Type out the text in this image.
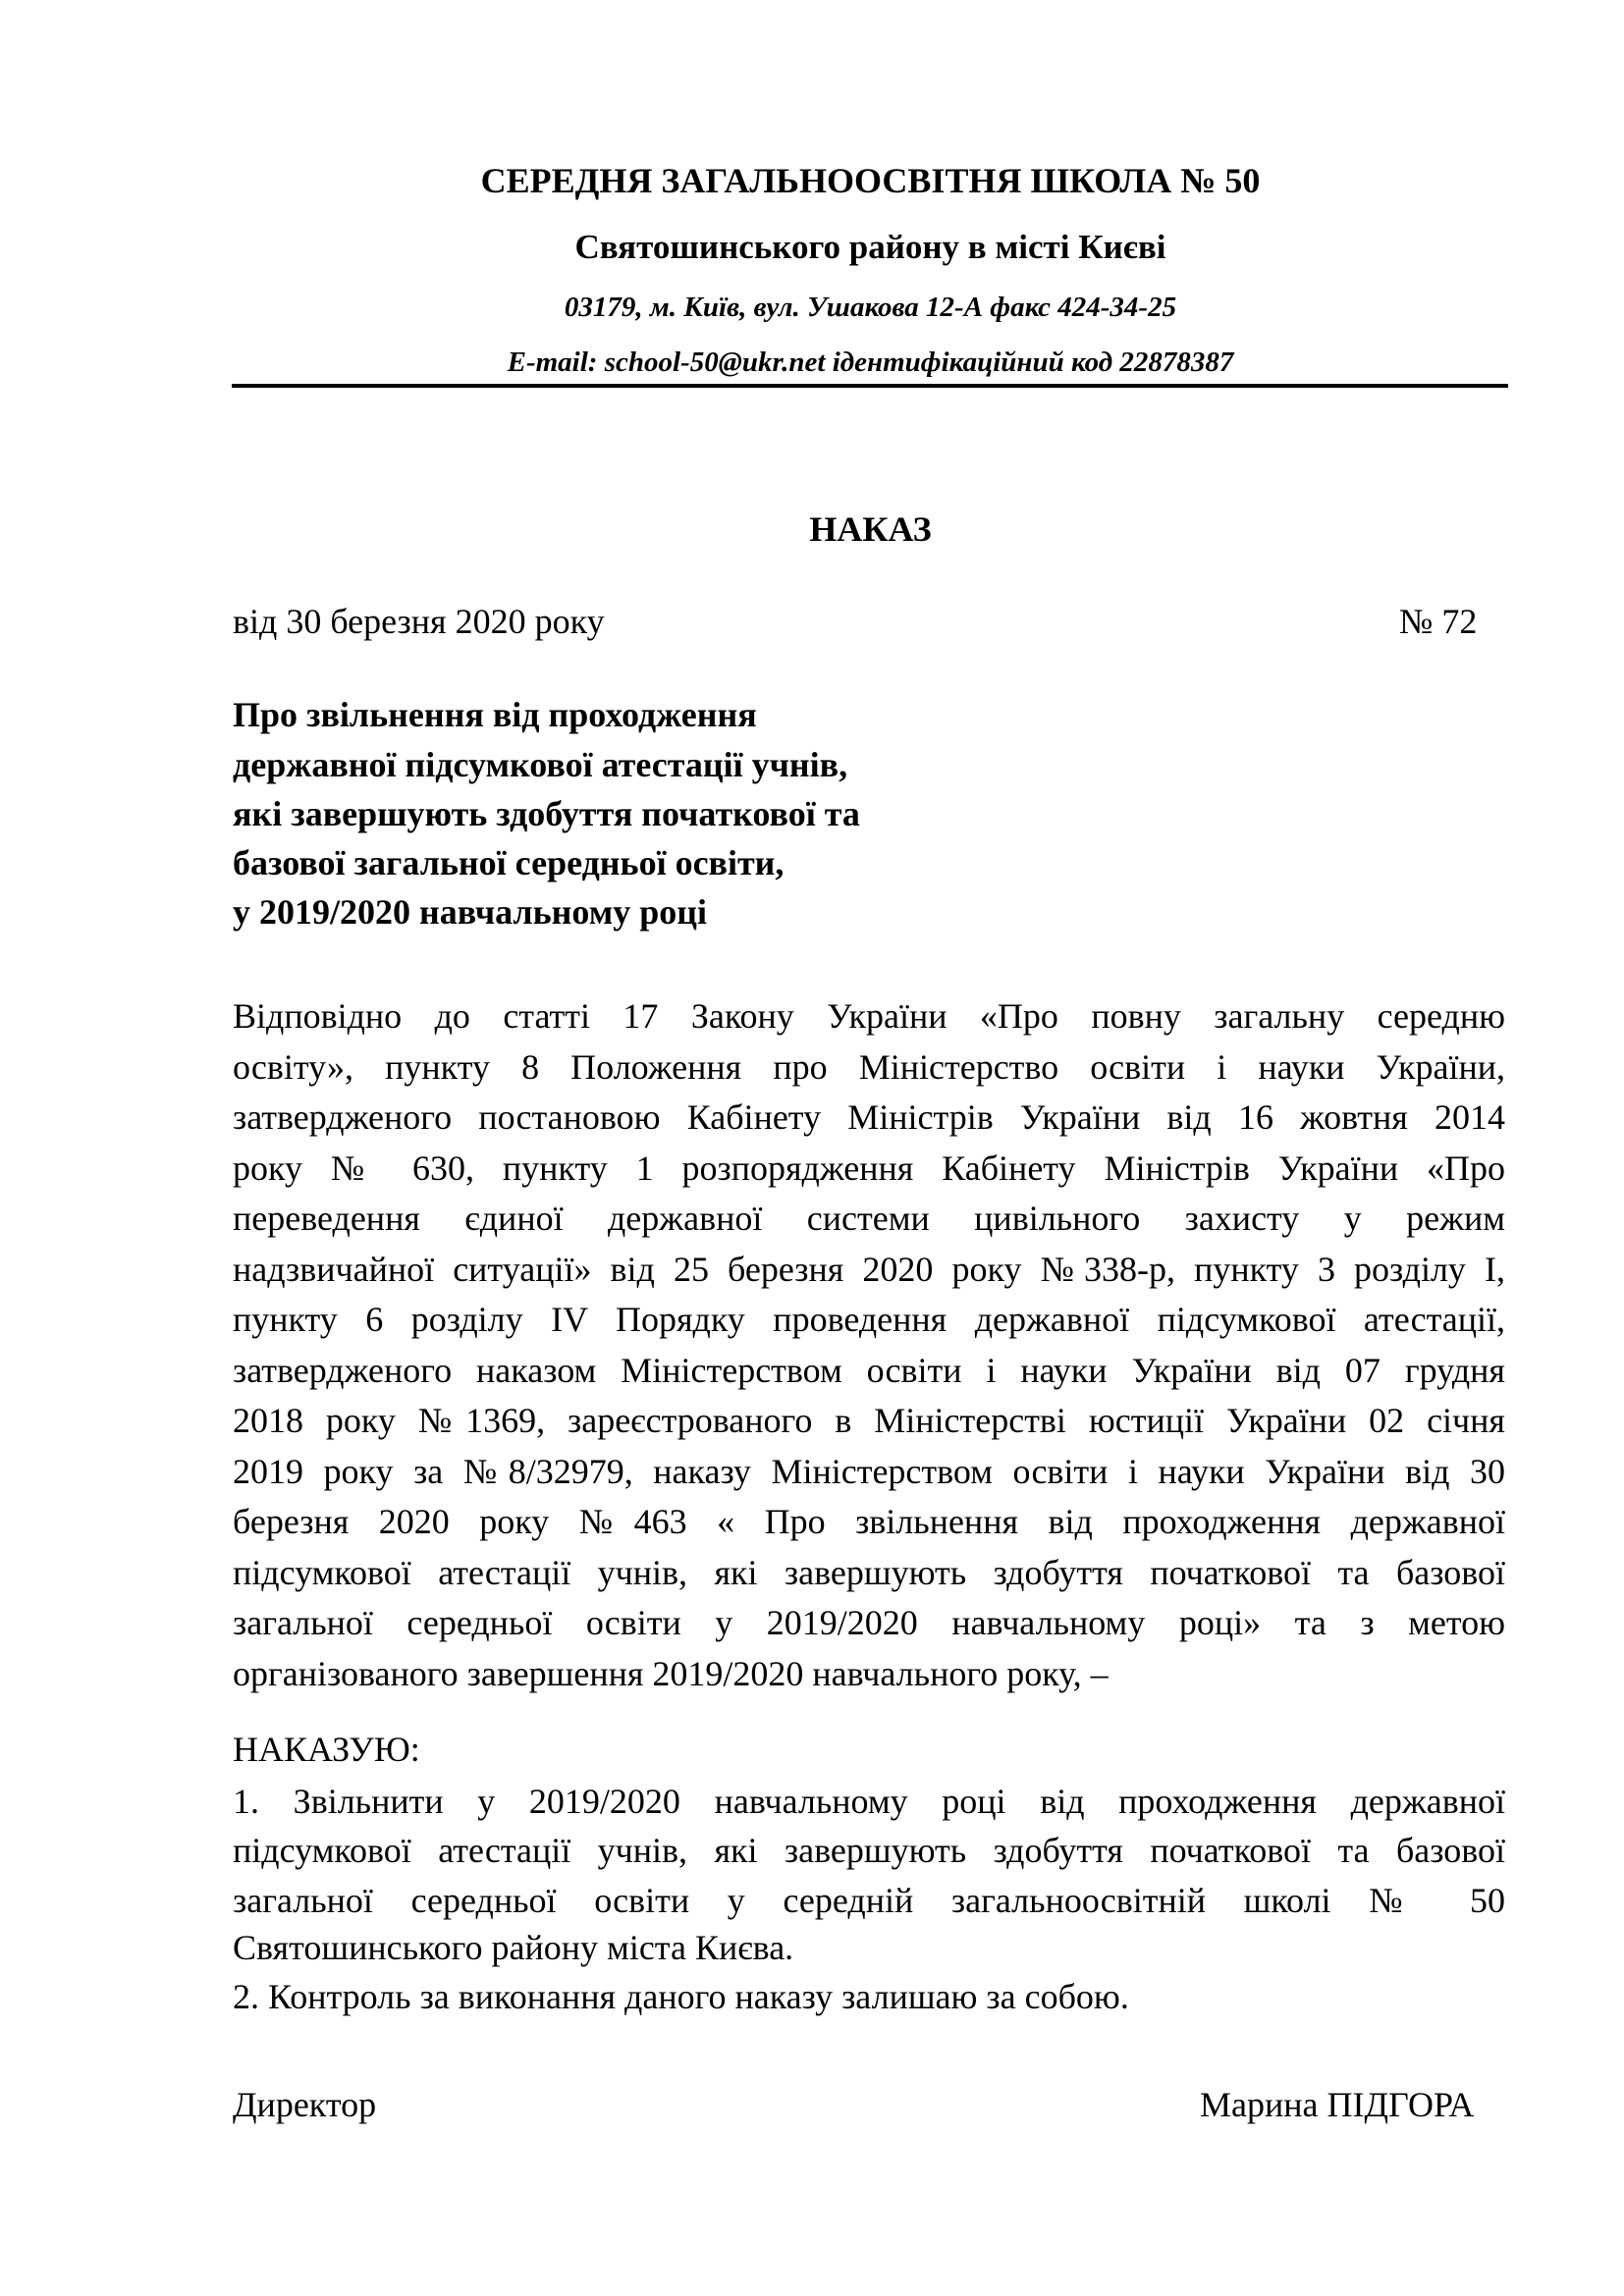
СЕРЕДНЯ ЗАГАЛЬНООСВІТНЯ ШКОЛА № 50
Святошинського району в місті Києві
03179, м. Київ, вул. Ушакова 12-А факс 424-34-25
E-mail: school-50@ukr.net ідентифікаційний код 22878387
НАКАЗ
від 30 березня 2020 року	№ 72
Про звільнення від проходження
державної підсумкової атестації учнів,
які завершують здобуття початкової та
базової загальної середньої освіти,
у 2019/2020 навчальному році
Відповідно до статті 17 Закону України «Про повну загальну середню
освіту», пункту 8 Положення про Міністерство освіти і науки України,
затвердженого постановою Кабінету Міністрів України від 16 жовтня 2014
року № 630, пункту 1 розпорядження Кабінету Міністрів України «Про
переведення єдиної державної системи цивільного захисту у режим
надзвичайної ситуації» від 25 березня 2020 року №338-р, пункту 3 розділу І,
пункту 6 розділу ІV Порядку проведення державної підсумкової атестації,
затвердженого наказом Міністерством освіти і науки України від 07 грудня
2018 року №1369, зареєстрованого в Міністерстві юстиції України 02 січня
2019 року за №8/32979, наказу Міністерством освіти і науки України від 30
березня 2020 року №463 « Про звільнення від проходження державної
підсумкової атестації учнів, які завершують здобуття початкової та базової
загальної середньої освіти у 2019/2020 навчальному році» та з метою
організованого завершення 2019/2020 навчального року, –
НАКАЗУЮ:
1. Звільнити у 2019/2020 навчальному році від проходження державної
підсумкової атестації учнів, які завершують здобуття початкової та базової
загальної середньої освіти у середній загальноосвітній школі № 50
Святошинського району міста Києва.
2. Контроль за виконання даного наказу залишаю за собою.
Директор	Марина ПІДГОРА
